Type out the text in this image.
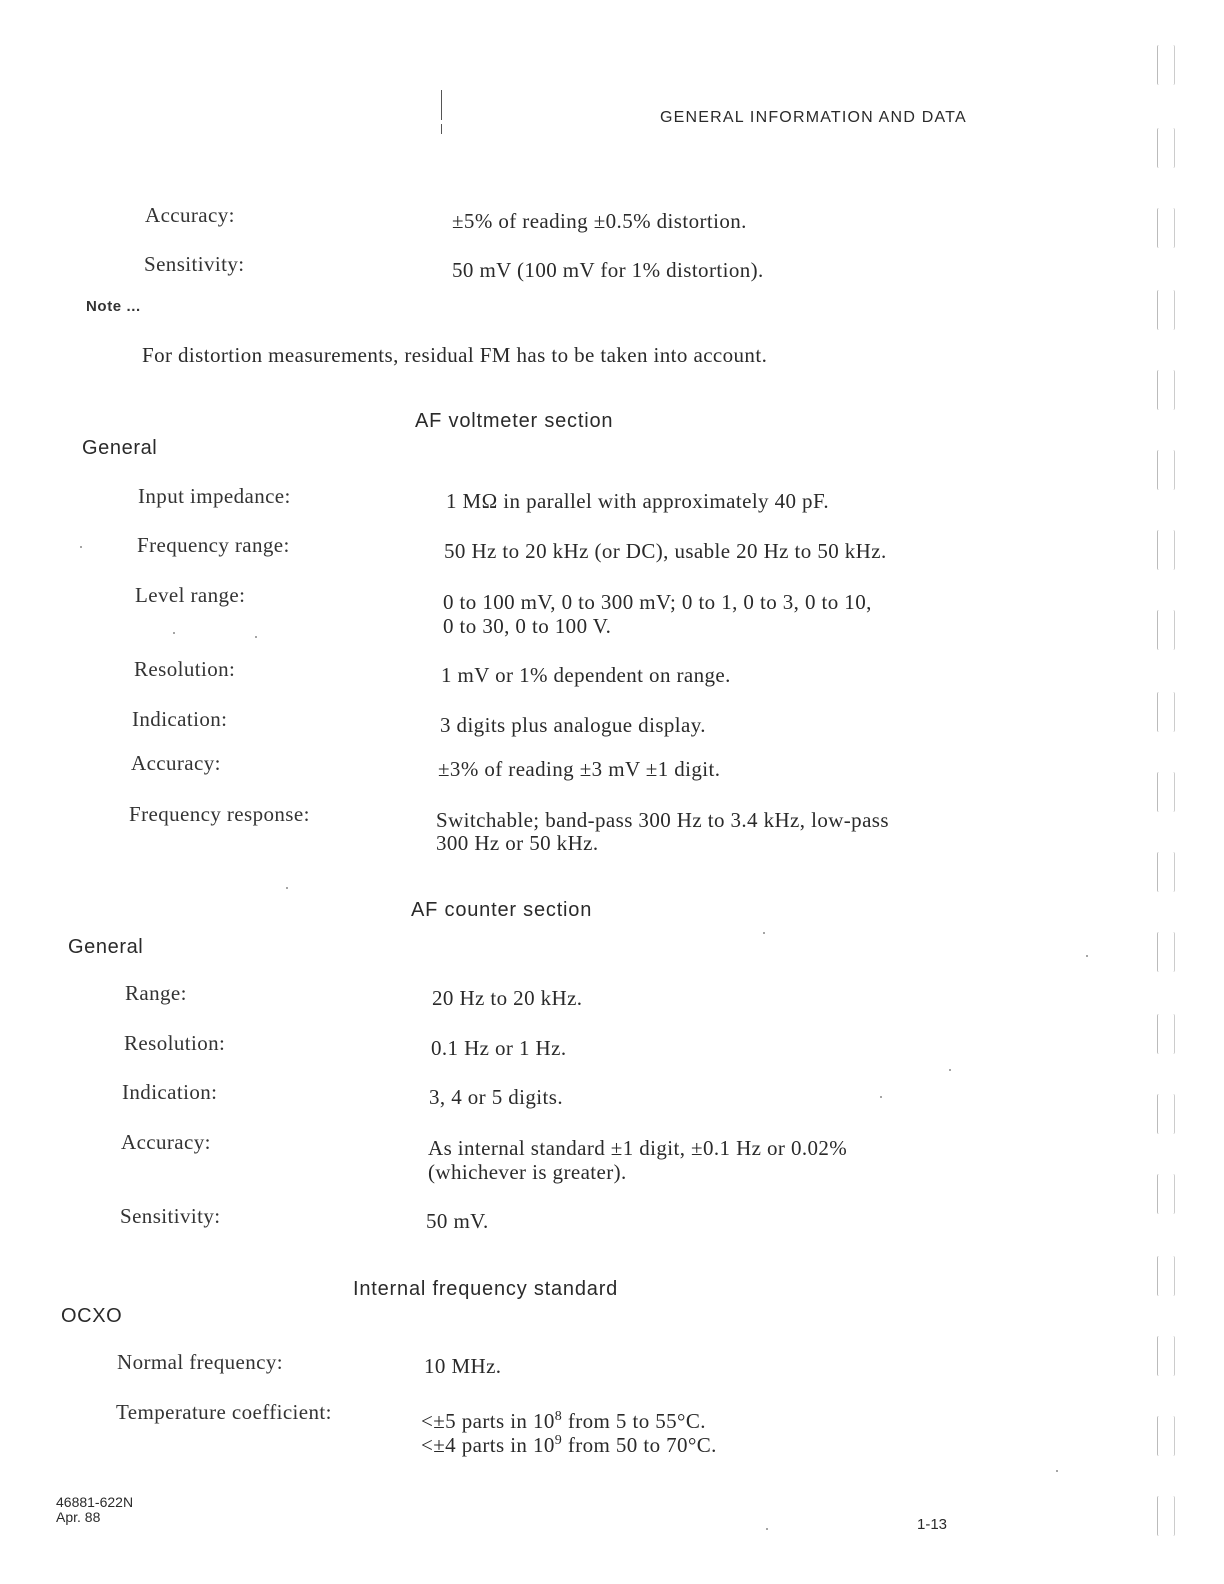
GENERAL INFORMATION AND DATA
Accuracy:	±5% of reading ±0.5% distortion.
Sensitivity:	50 mV (100 mV for 1% distortion).
Note ...
For distortion measurements, residual FM has to be taken into account.
AF voltmeter section
General
Input impedance:	1 MΩ in parallel with approximately 40 pF.
Frequency range:	50 Hz to 20 kHz (or DC), usable 20 Hz to 50 kHz.
Level range:	0 to 100 mV, 0 to 300 mV; 0 to 1, 0 to 3, 0 to 10,
0 to 30, 0 to 100 V.
Resolution:	1 mV or 1% dependent on range.
Indication:	3 digits plus analogue display.
Accuracy:	±3% of reading ±3 mV ±1 digit.
Frequency response:	Switchable; band-pass 300 Hz to 3.4 kHz, low-pass
300 Hz or 50 kHz.
AF counter section
General
Range:	20 Hz to 20 kHz.
Resolution:	0.1 Hz or 1 Hz.
Indication:	3, 4 or 5 digits.
Accuracy:	As internal standard ±1 digit, ±0.1 Hz or 0.02%
(whichever is greater).
Sensitivity:	50 mV.
Internal frequency standard
OCXO
Normal frequency:	10 MHz.
Temperature coefficient:	<±5 parts in $10^8$ from 5 to 55°C.
<±4 parts in $10^9$ from 50 to 70°C.
46881-622N
Apr. 88	1-13
